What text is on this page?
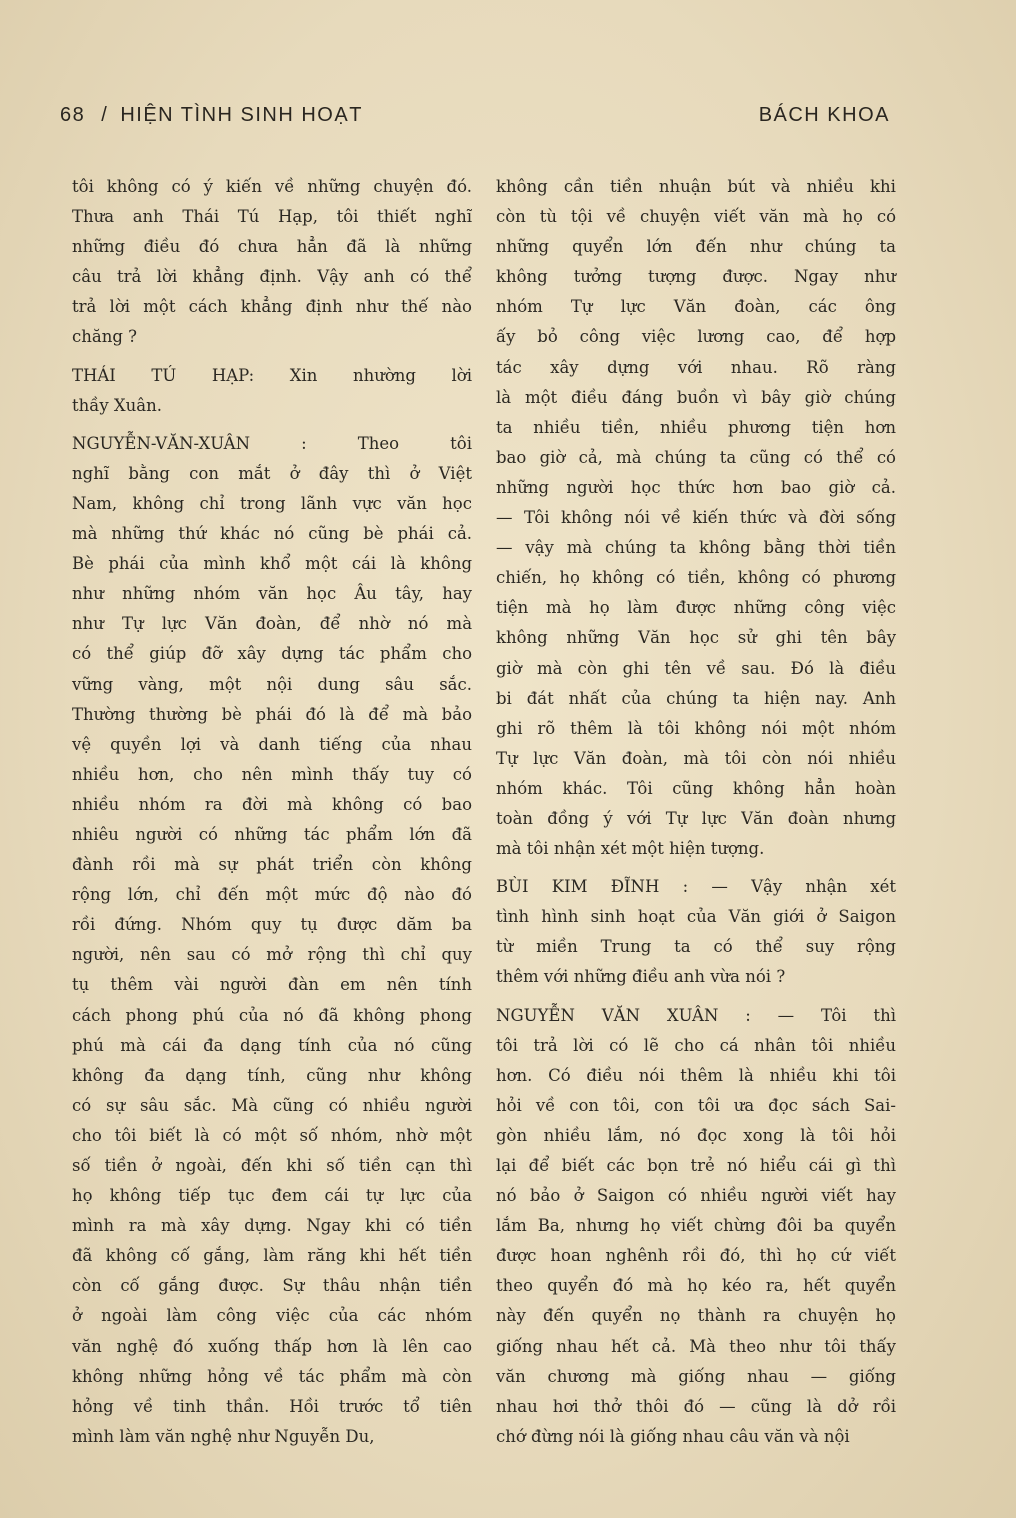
68 / HIỆN TÌNH SINH HOẠT	BÁCH KHOA
tôi không có ý kiến về những chuyện đó.
Thưa anh Thái Tú Hạp, tôi thiết nghĩ
những điều đó chưa hẳn đã là những
câu trả lời khẳng định. Vậy anh có thể
trả lời một cách khẳng định như thế nào
chăng ?
THÁI TÚ HẠP: Xin nhường lời
thầy Xuân.
NGUYỄN-VĂN-XUÂN : Theo tôi
nghĩ bằng con mắt ở đây thì ở Việt
Nam, không chỉ trong lãnh vực văn học
mà những thứ khác nó cũng bè phái cả.
Bè phái của mình khổ một cái là không
như những nhóm văn học Âu tây, hay
như Tự lực Văn đoàn, để nhờ nó mà
có thể giúp đỡ xây dựng tác phẩm cho
vững vàng, một nội dung sâu sắc.
Thường thường bè phái đó là để mà bảo
vệ quyền lợi và danh tiếng của nhau
nhiều hơn, cho nên mình thấy tuy có
nhiều nhóm ra đời mà không có bao
nhiêu người có những tác phẩm lớn đã
đành rồi mà sự phát triển còn không
rộng lớn, chỉ đến một mức độ nào đó
rồi đứng. Nhóm quy tụ được dăm ba
người, nên sau có mở rộng thì chỉ quy
tụ thêm vài người đàn em nên tính
cách phong phú của nó đã không phong
phú mà cái đa dạng tính của nó cũng
không đa dạng tính, cũng như không
có sự sâu sắc. Mà cũng có nhiều người
cho tôi biết là có một số nhóm, nhờ một
số tiền ở ngoài, đến khi số tiền cạn thì
họ không tiếp tục đem cái tự lực của
mình ra mà xây dựng. Ngay khi có tiền
đã không cố gắng, làm răng khi hết tiền
còn cố gắng được. Sự thâu nhận tiền
ở ngoài làm công việc của các nhóm
văn nghệ đó xuống thấp hơn là lên cao
không những hỏng về tác phẩm mà còn
hỏng về tinh thần. Hồi trước tổ tiên
mình làm văn nghệ như Nguyễn Du,
không cần tiền nhuận bút và nhiều khi
còn tù tội về chuyện viết văn mà họ có
những quyển lớn đến như chúng ta
không tưởng tượng được. Ngay như
nhóm Tự lực Văn đoàn, các ông
ấy bỏ công việc lương cao, để hợp
tác xây dựng với nhau. Rõ ràng
là một điều đáng buồn vì bây giờ chúng
ta nhiều tiền, nhiều phương tiện hơn
bao giờ cả, mà chúng ta cũng có thể có
những người học thức hơn bao giờ cả.
— Tôi không nói về kiến thức và đời sống
— vậy mà chúng ta không bằng thời tiền
chiến, họ không có tiền, không có phương
tiện mà họ làm được những công việc
không những Văn học sử ghi tên bây
giờ mà còn ghi tên về sau. Đó là điều
bi đát nhất của chúng ta hiện nay. Anh
ghi rõ thêm là tôi không nói một nhóm
Tự lực Văn đoàn, mà tôi còn nói nhiều
nhóm khác. Tôi cũng không hẳn hoàn
toàn đồng ý với Tự lực Văn đoàn nhưng
mà tôi nhận xét một hiện tượng.
BÙI KIM ĐĨNH : — Vậy nhận xét
tình hình sinh hoạt của Văn giới ở Saigon
từ miền Trung ta có thể suy rộng
thêm với những điều anh vừa nói ?
NGUYỄN VĂN XUÂN : — Tôi thì
tôi trả lời có lẽ cho cá nhân tôi nhiều
hơn. Có điều nói thêm là nhiều khi tôi
hỏi về con tôi, con tôi ưa đọc sách Sai-
gòn nhiều lắm, nó đọc xong là tôi hỏi
lại để biết các bọn trẻ nó hiểu cái gì thì
nó bảo ở Saigon có nhiều người viết hay
lắm Ba, nhưng họ viết chừng đôi ba quyển
được hoan nghênh rồi đó, thì họ cứ viết
theo quyển đó mà họ kéo ra, hết quyển
này đến quyển nọ thành ra chuyện họ
giống nhau hết cả. Mà theo như tôi thấy
văn chương mà giống nhau — giống
nhau hơi thở thôi đó — cũng là dở rồi
chớ đừng nói là giống nhau câu văn và nội
